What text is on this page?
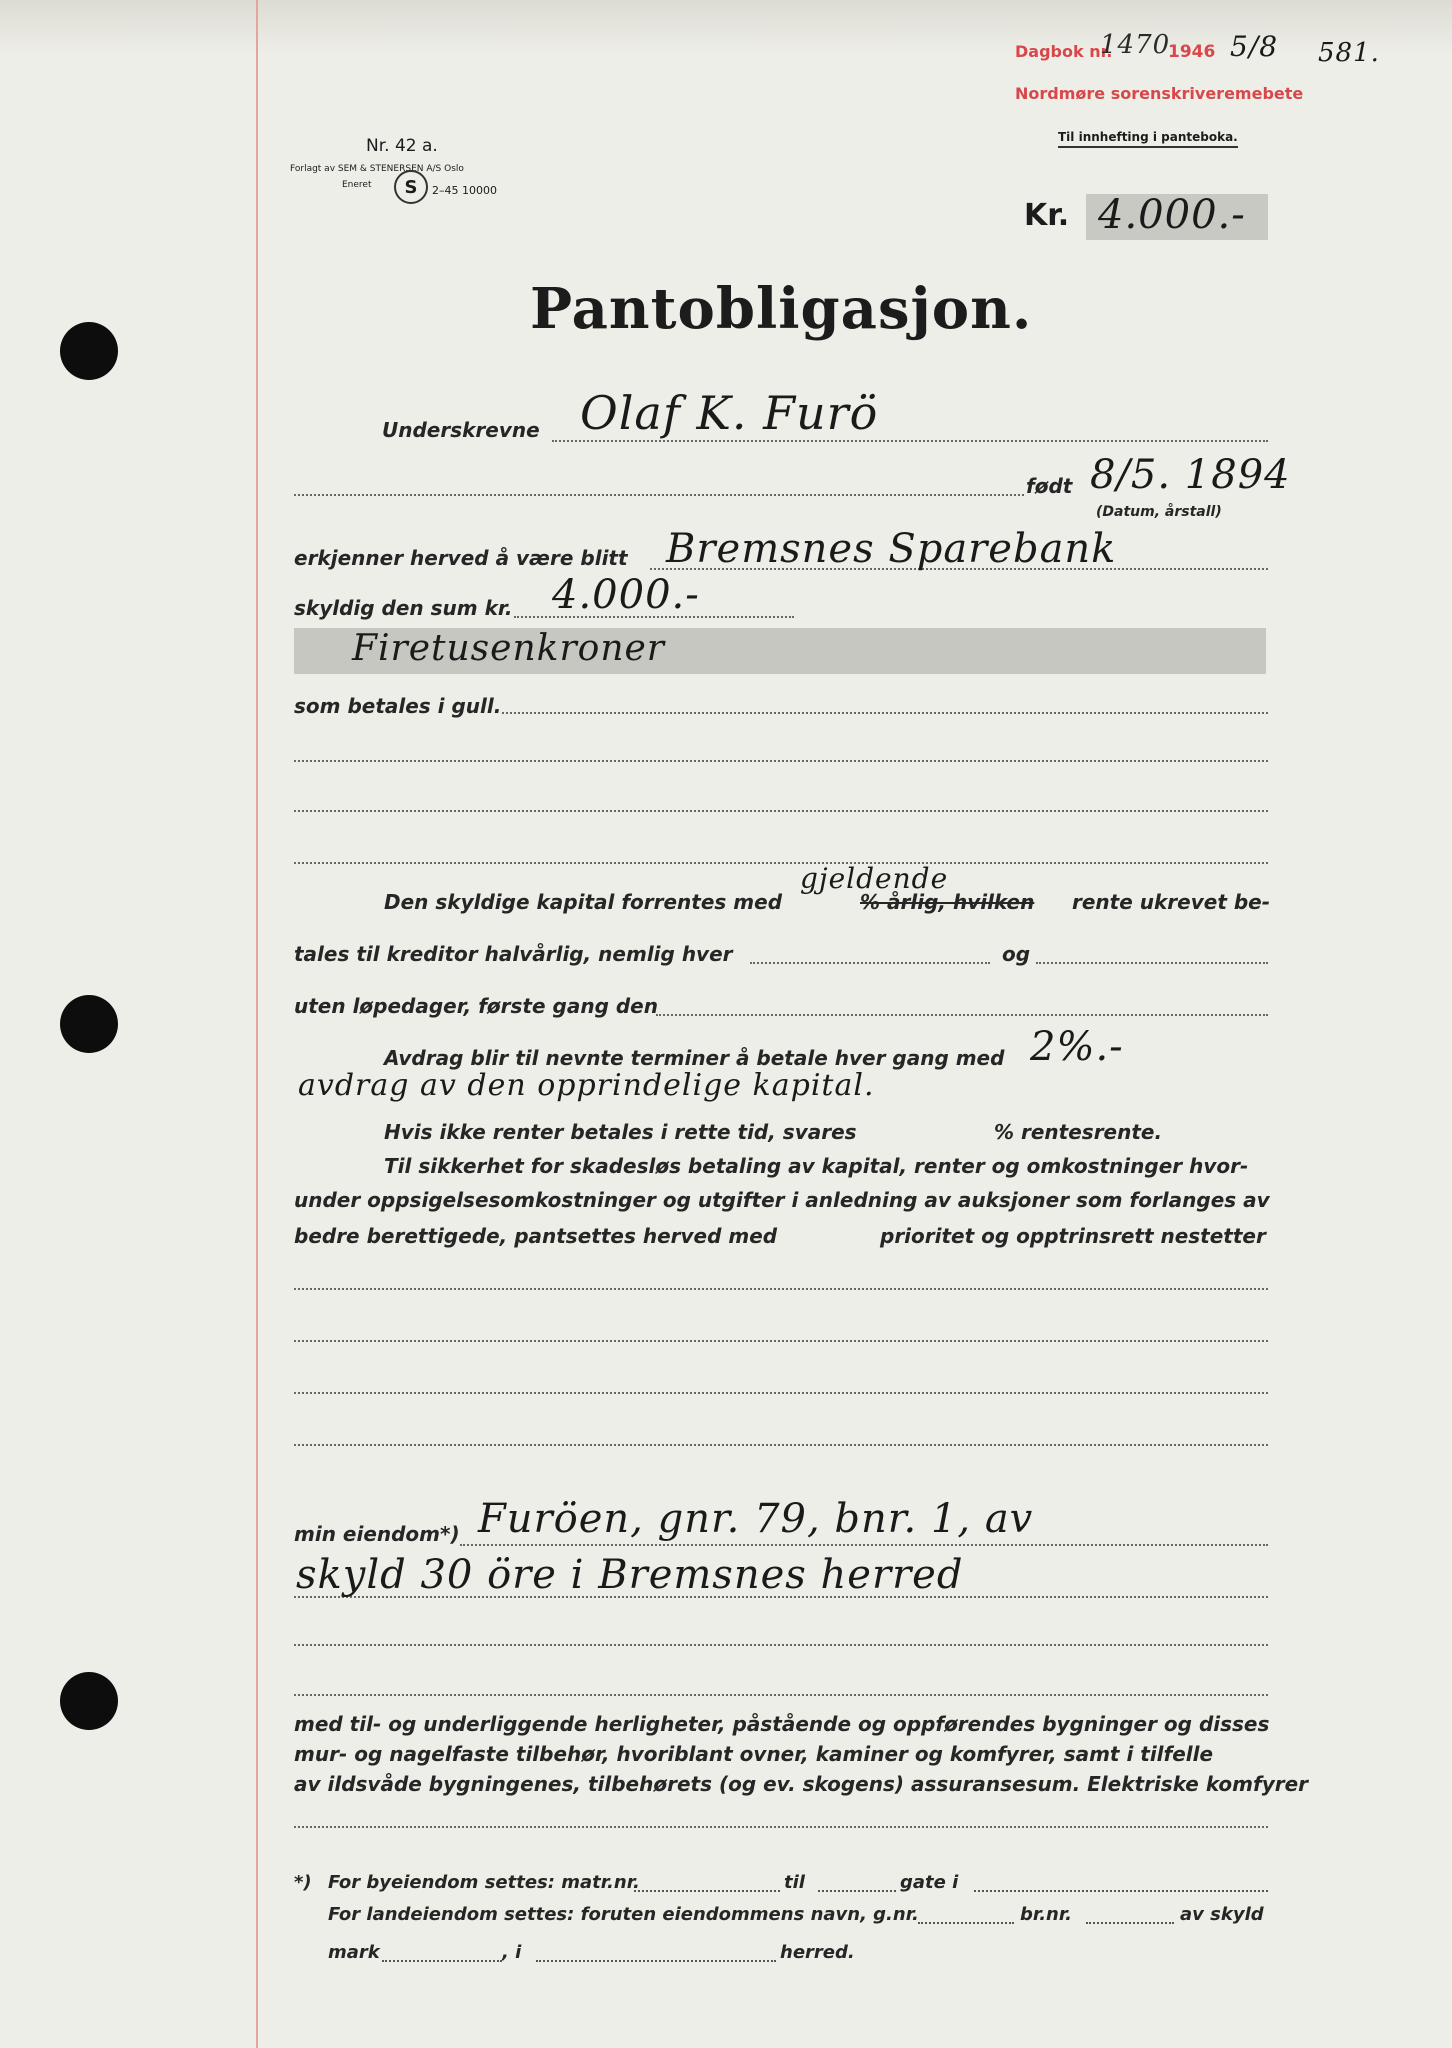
Dagbok nr.
1470
1946 5/8 581.
Nordmøre sorenskriveremebete
Til innhefting i panteboka.
Nr. 42 a.
Forlagt av SEM & STENERSEN A/S Oslo
Eneret	S	2–45 10000
Kr. 4.000.-
Pantobligasjon.
Underskrevne Olaf K. Furö
født 8/5. 1894
(Datum, årstall)
erkjenner herved å være blitt Bremsnes Sparebank
skyldig den sum kr. 4.000.-
Firetusenkroner
som betales i gull.
Den skyldige kapital forrentes med
gjeldende
% årlig, hvilken rente ukrevet be-
tales til kreditor halvårlig, nemlig hver	og
uten løpedager, første gang den
Avdrag blir til nevnte terminer å betale hver gang med 2%.-
avdrag av den opprindelige kapital.
Hvis ikke renter betales i rette tid, svares	% rentesrente.
Til sikkerhet for skadesløs betaling av kapital, renter og omkostninger hvor-
under oppsigelsesomkostninger og utgifter i anledning av auksjoner som forlanges av
bedre berettigede, pantsettes herved med	prioritet og opptrinsrett nestetter
min eiendom*) Furöen, gnr. 79, bnr. 1, av
skyld 30 öre i Bremsnes herred
med til- og underliggende herligheter, påstående og oppførendes bygninger og disses
mur- og nagelfaste tilbehør, hvoriblant ovner, kaminer og komfyrer, samt i tilfelle
av ildsvåde bygningenes, tilbehørets (og ev. skogens) assuransesum. Elektriske komfyrer
*) For byeiendom settes: matr.nr.	til	gate i
For landeiendom settes: foruten eiendommens navn, g.nr.	br.nr.	av skyld
mark	, i	herred.
